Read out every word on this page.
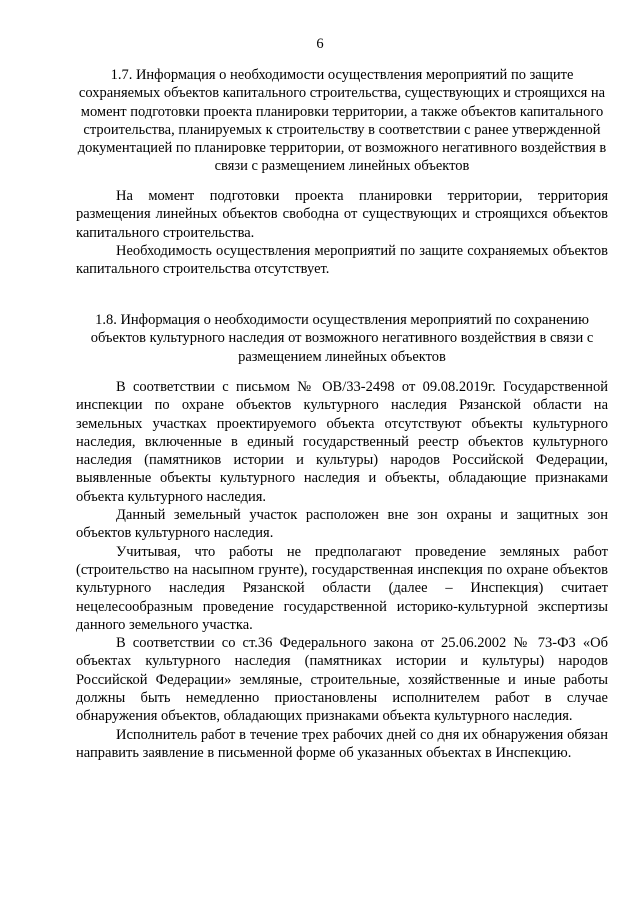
6

1.7. Информация о необходимости осуществления мероприятий по защите сохраняемых объектов капитального строительства, существующих и строящихся на момент подготовки проекта планировки территории, а также объектов капитального строительства, планируемых к строительству в соответствии с ранее утвержденной документацией по планировке территории, от возможного негативного воздействия в связи с размещением линейных объектов

На момент подготовки проекта планировки территории, территория размещения линейных объектов свободна от существующих и строящихся объектов капитального строительства.

Необходимость осуществления мероприятий по защите сохраняемых объектов капитального строительства отсутствует.

1.8. Информация о необходимости осуществления мероприятий по сохранению объектов культурного наследия от возможного негативного воздействия в связи с размещением линейных объектов

В соответствии с письмом № ОВ/33-2498 от 09.08.2019г. Государственной инспекции по охране объектов культурного наследия Рязанской области на земельных участках проектируемого объекта отсутствуют объекты культурного наследия, включенные в единый государственный реестр объектов культурного наследия (памятников истории и культуры) народов Российской Федерации, выявленные объекты культурного наследия и объекты, обладающие признаками объекта культурного наследия.

Данный земельный участок расположен вне зон охраны и защитных зон объектов культурного наследия.

Учитывая, что работы не предполагают проведение земляных работ (строительство на насыпном грунте), государственная инспекция по охране объектов культурного наследия Рязанской области (далее – Инспекция) считает нецелесообразным проведение государственной историко-культурной экспертизы данного земельного участка.

В соответствии со ст.36 Федерального закона от 25.06.2002 № 73-ФЗ «Об объектах культурного наследия (памятниках истории и культуры) народов Российской Федерации» земляные, строительные, хозяйственные и иные работы должны быть немедленно приостановлены исполнителем работ в случае обнаружения объектов, обладающих признаками объекта культурного наследия.

Исполнитель работ в течение трех рабочих дней со дня их обнаружения обязан направить заявление в письменной форме об указанных объектах в Инспекцию.
